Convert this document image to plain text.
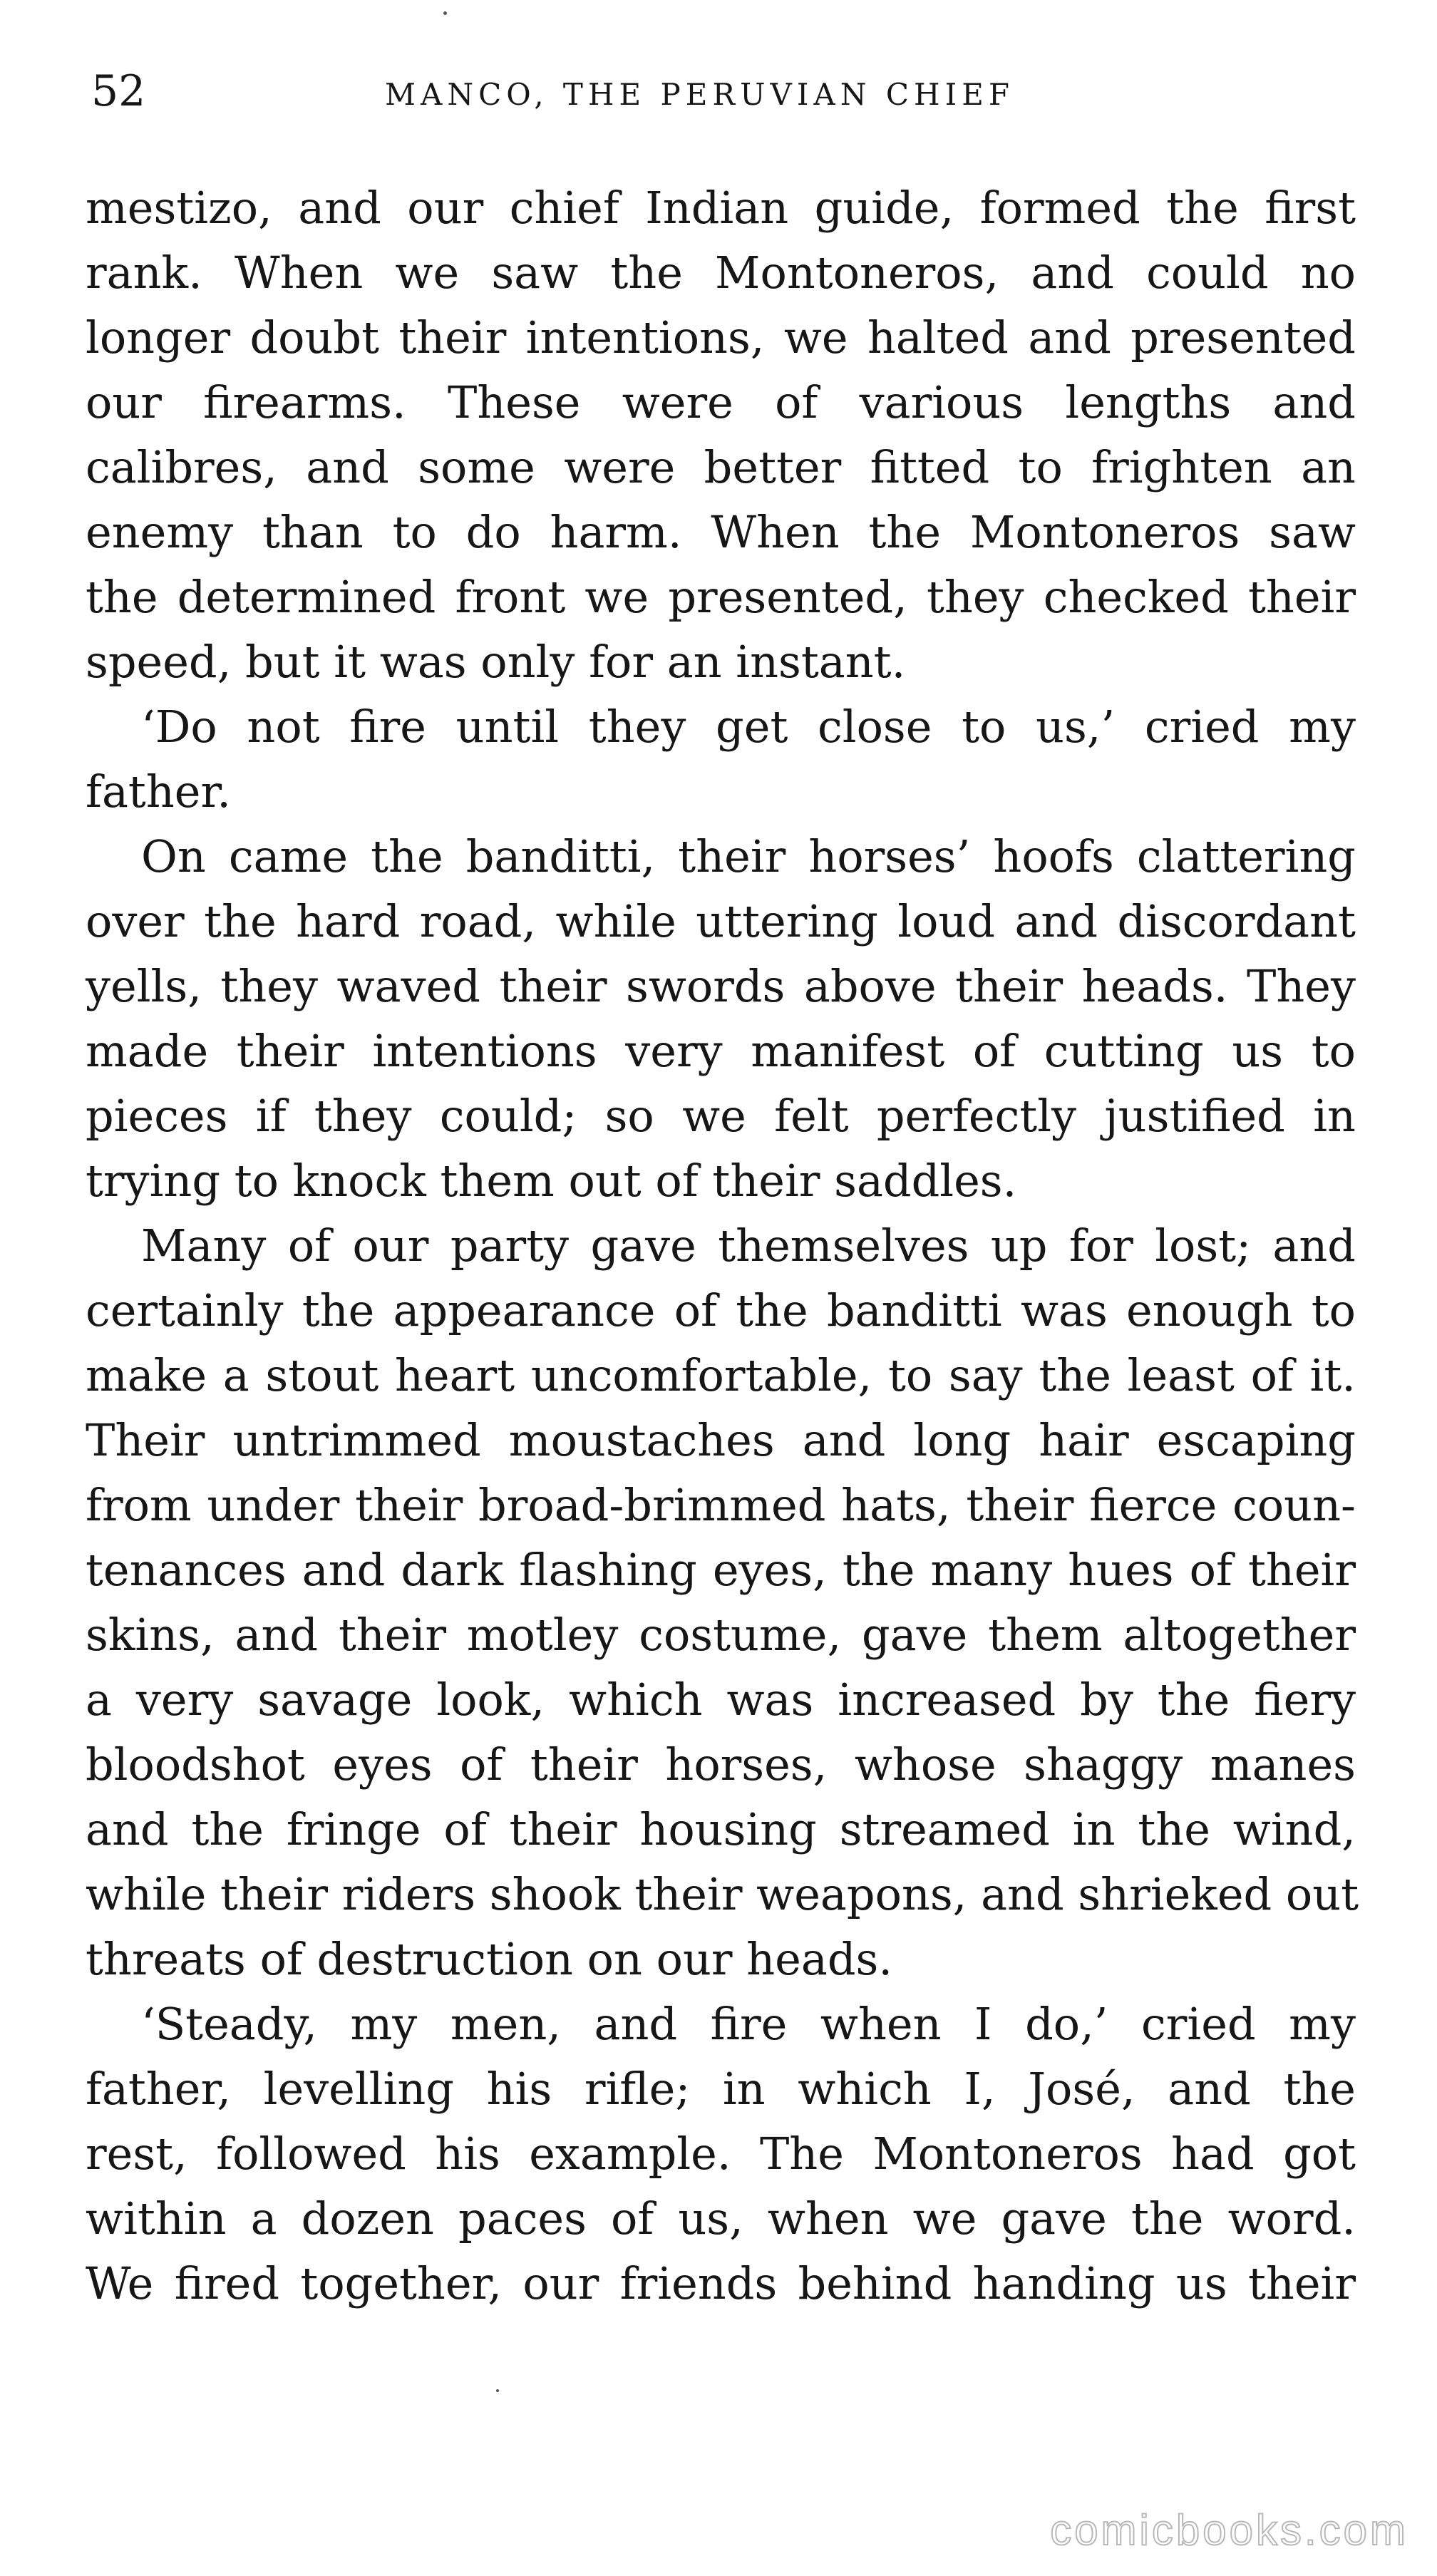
52	MANCO, THE PERUVIAN CHIEF
mestizo, and our chief Indian guide, formed the first
rank. When we saw the Montoneros, and could no
longer doubt their intentions, we halted and presented
our firearms. These were of various lengths and
calibres, and some were better fitted to frighten an
enemy than to do harm. When the Montoneros saw
the determined front we presented, they checked their
speed, but it was only for an instant.
‘Do not fire until they get close to us,’ cried my
father.
On came the banditti, their horses’ hoofs clattering
over the hard road, while uttering loud and discordant
yells, they waved their swords above their heads. They
made their intentions very manifest of cutting us to
pieces if they could; so we felt perfectly justified in
trying to knock them out of their saddles.
Many of our party gave themselves up for lost; and
certainly the appearance of the banditti was enough to
make a stout heart uncomfortable, to say the least of it.
Their untrimmed moustaches and long hair escaping
from under their broad-brimmed hats, their fierce coun-
tenances and dark flashing eyes, the many hues of their
skins, and their motley costume, gave them altogether
a very savage look, which was increased by the fiery
bloodshot eyes of their horses, whose shaggy manes
and the fringe of their housing streamed in the wind,
while their riders shook their weapons, and shrieked out
threats of destruction on our heads.
‘Steady, my men, and fire when I do,’ cried my
father, levelling his rifle; in which I, José, and the
rest, followed his example. The Montoneros had got
within a dozen paces of us, when we gave the word.
We fired together, our friends behind handing us their
comicbooks.com
